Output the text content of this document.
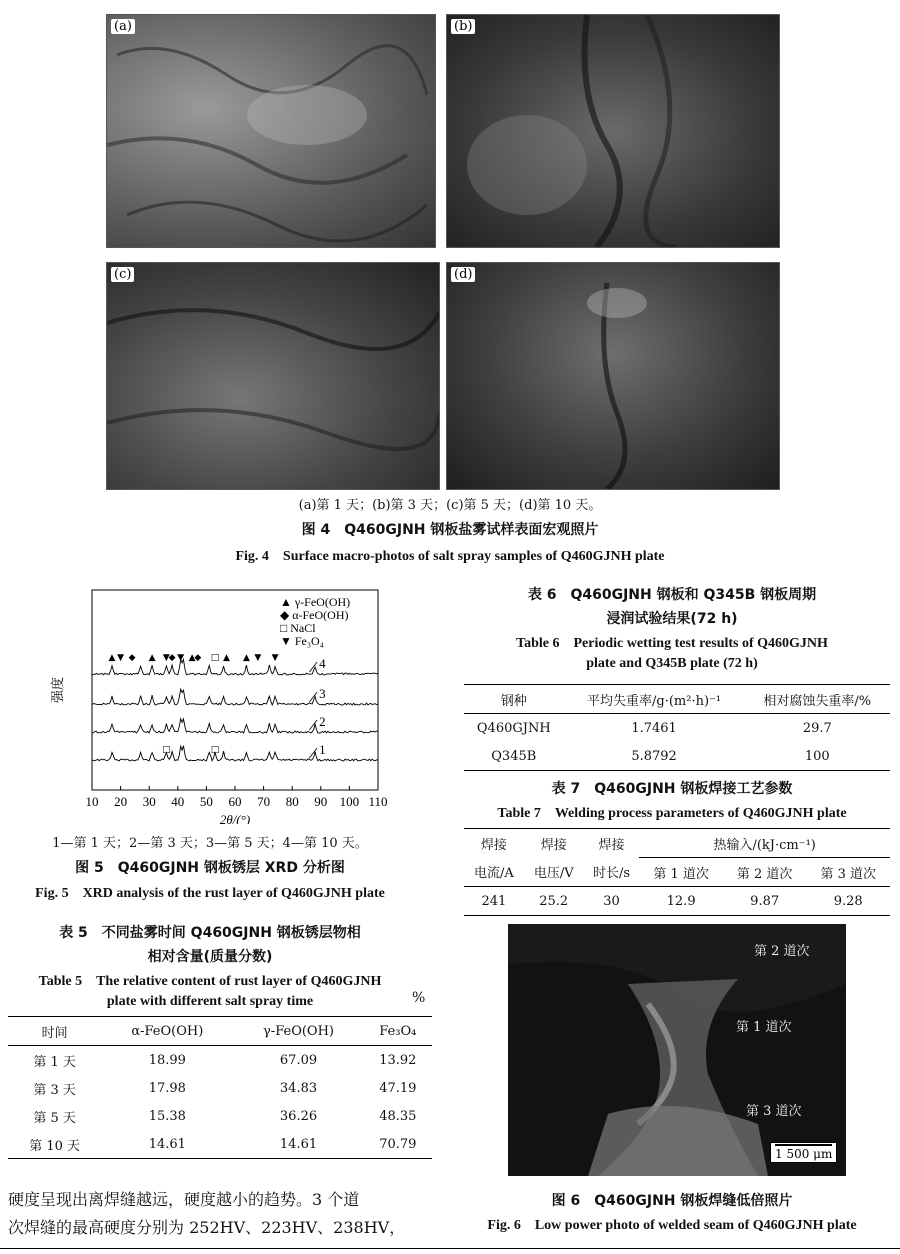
(a)	(b)
(c)	(d)
(a)第 1 天；(b)第 3 天；(c)第 5 天；(d)第 10 天。
图 4　Q460GJNH 钢板盐雾试样表面宏观照片
Fig. 4　Surface macro-photos of salt spray samples of Q460GJNH plate
10 20 30 40 50 60 70 80 90 100 110
2θ/(°)
强度
▲ γ-FeO(OH)
◆ α-FeO(OH)
□ NaCl
▼ Fe₃O₄
1
2
3
4
▲ ▼ ◆ ▲ ▼
◆ ▼ ▲
◆ □ ▲ ▲ ▼ ▼
□	□
1—第 1 天；2—第 3 天；3—第 5 天；4—第 10 天。
图 5　Q460GJNH 钢板锈层 XRD 分析图
Fig. 5　XRD analysis of the rust layer of Q460GJNH plate
表 5　不同盐雾时间 Q460GJNH 钢板锈层物相
相对含量(质量分数)
Table 5　The relative content of rust layer of Q460GJNH
plate with different salt spray time	%
时间	α-FeO(OH)	γ-FeO(OH)	Fe₃O₄
第 1 天	18.99	67.09	13.92
第 3 天	17.98	34.83	47.19
第 5 天	15.38	36.26	48.35
第 10 天	14.61	14.61	70.79
硬度呈现出离焊缝越远，硬度越小的趋势。3 个道
次焊缝的最高硬度分别为 252HV、223HV、238HV，
表 6　Q460GJNH 钢板和 Q345B 钢板周期
浸润试验结果(72 h)
Table 6　Periodic wetting test results of Q460GJNH
plate and Q345B plate (72 h)
钢种	平均失重率/g·(m²·h)⁻¹	相对腐蚀失重率/%
Q460GJNH	1.7461	29.7
Q345B	5.8792	100
表 7　Q460GJNH 钢板焊接工艺参数
Table 7　Welding process parameters of Q460GJNH plate
焊接	焊接	焊接	热输入/(kJ·cm⁻¹)		
电流/A	电压/V	时长/s	第 1 道次	第 2 道次	第 3 道次
241	25.2	30	12.9	9.87	9.28
第 2 道次
第 1 道次
第 3 道次
1 500 μm
图 6　Q460GJNH 钢板焊缝低倍照片
Fig. 6　Low power photo of welded seam of Q460GJNH plate
